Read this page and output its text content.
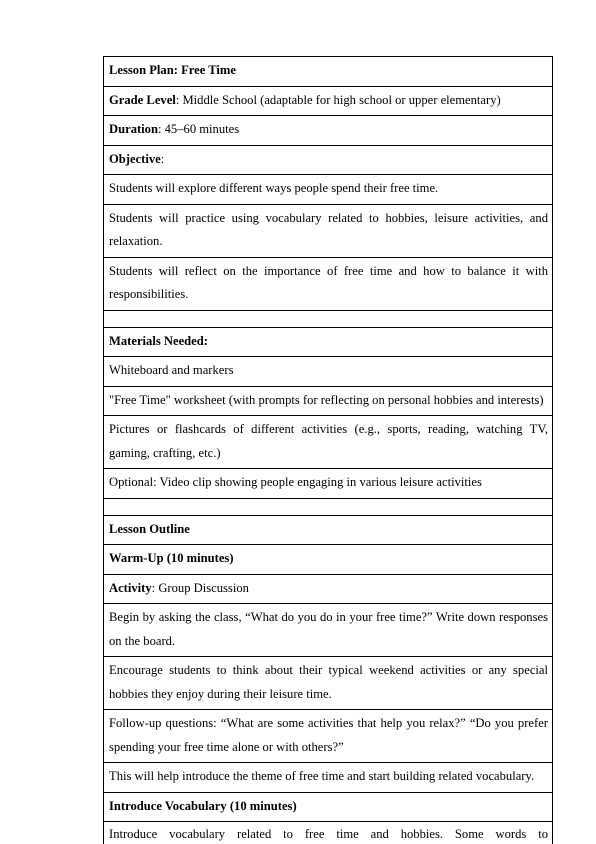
Lesson Plan: Free Time
Grade Level: Middle School (adaptable for high school or upper elementary)
Duration: 45–60 minutes
Objective:
Students will explore different ways people spend their free time.
Students will practice using vocabulary related to hobbies, leisure activities, and relaxation.
Students will reflect on the importance of free time and how to balance it with responsibilities.

Materials Needed:
Whiteboard and markers
"Free Time" worksheet (with prompts for reflecting on personal hobbies and interests)
Pictures or flashcards of different activities (e.g., sports, reading, watching TV, gaming, crafting, etc.)
Optional: Video clip showing people engaging in various leisure activities

Lesson Outline
Warm-Up (10 minutes)
Activity: Group Discussion
Begin by asking the class, “What do you do in your free time?” Write down responses on the board.
Encourage students to think about their typical weekend activities or any special hobbies they enjoy during their leisure time.
Follow-up questions: “What are some activities that help you relax?” “Do you prefer spending your free time alone or with others?”
This will help introduce the theme of free time and start building related vocabulary.
Introduce Vocabulary (10 minutes)
Introduce vocabulary related to free time and hobbies. Some words to
